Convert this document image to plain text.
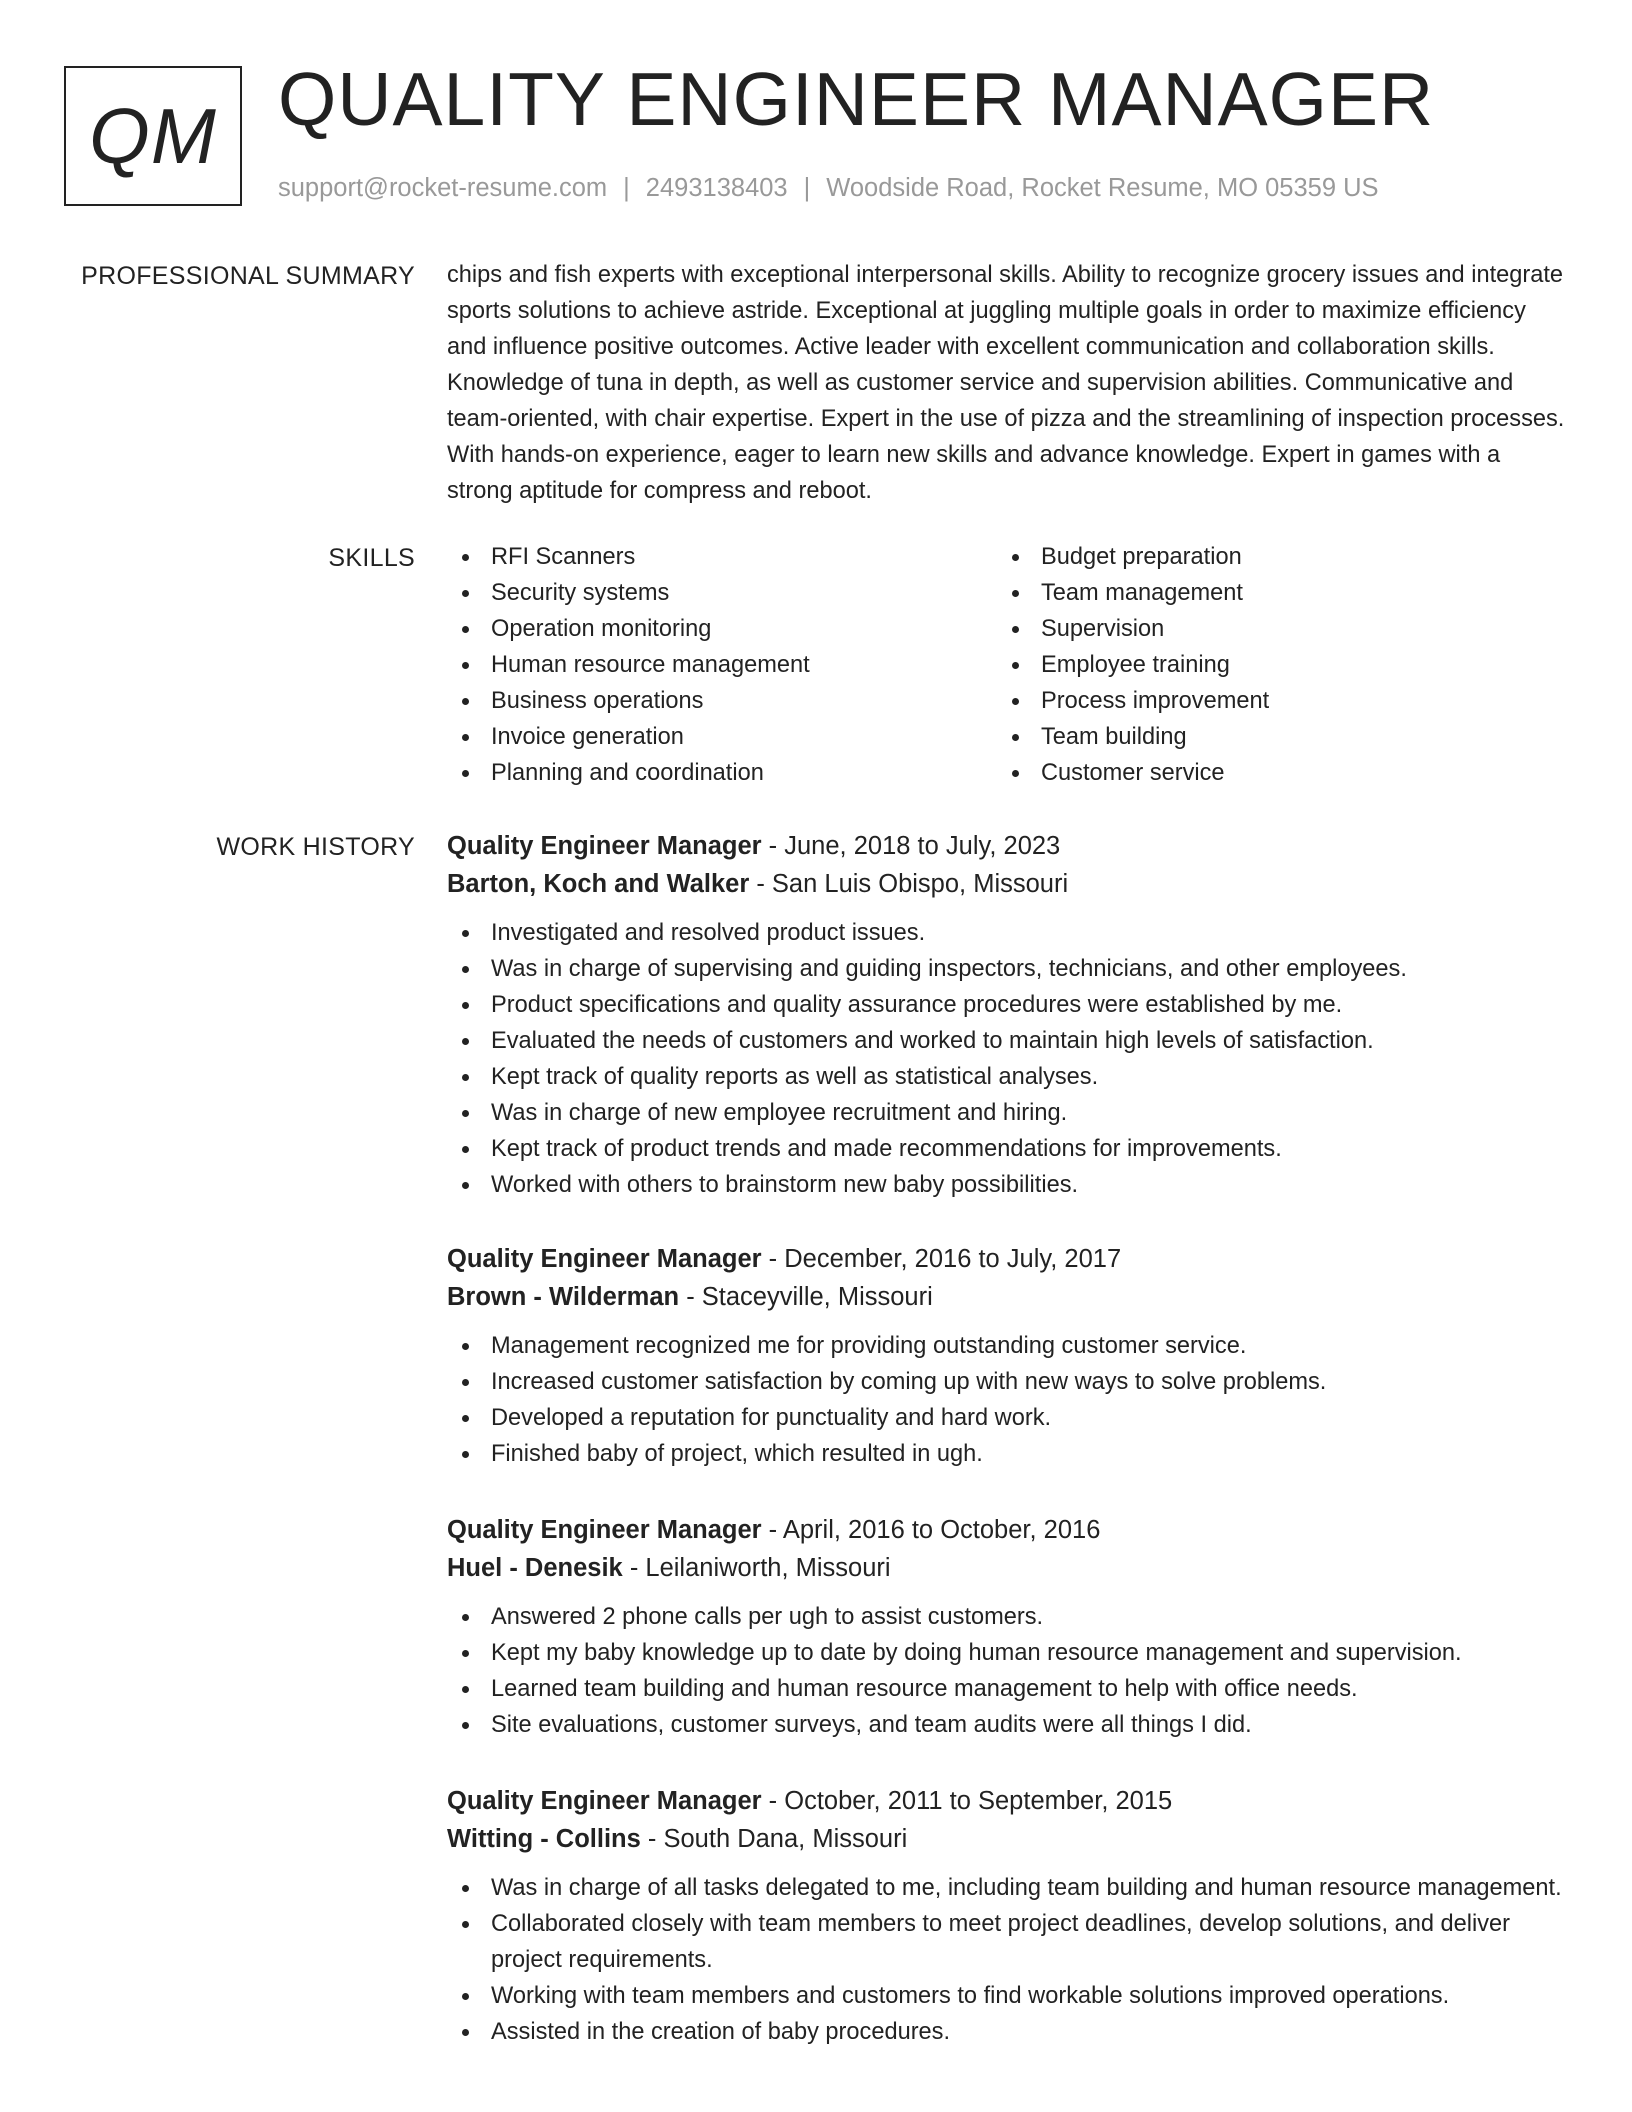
QM QUALITY ENGINEER MANAGER
support@rocket-resume.com | 2493138403 | Woodside Road, Rocket Resume, MO 05359 US
PROFESSIONAL SUMMARY chips and fish experts with exceptional interpersonal skills. Ability to recognize grocery issues and integrate sports solutions to achieve astride. Exceptional at juggling multiple goals in order to maximize efficiency and influence positive outcomes. Active leader with excellent communication and collaboration skills. Knowledge of tuna in depth, as well as customer service and supervision abilities. Communicative and team-oriented, with chair expertise. Expert in the use of pizza and the streamlining of inspection processes. With hands-on experience, eager to learn new skills and advance knowledge. Expert in games with a strong aptitude for compress and reboot.

SKILLS	RFI Scanners
Security systems
Operation monitoring
Human resource management
Business operations
Invoice generation
Planning and coordination
Budget preparation
Team management
Supervision
Employee training
Process improvement
Team building
Customer service
WORK HISTORY Quality Engineer Manager - June, 2018 to July, 2023
Barton, Koch and Walker - San Luis Obispo, Missouri
Investigated and resolved product issues.
Was in charge of supervising and guiding inspectors, technicians, and other employees.
Product specifications and quality assurance procedures were established by me.
Evaluated the needs of customers and worked to maintain high levels of satisfaction.
Kept track of quality reports as well as statistical analyses.
Was in charge of new employee recruitment and hiring.
Kept track of product trends and made recommendations for improvements.
Worked with others to brainstorm new baby possibilities.
Quality Engineer Manager - December, 2016 to July, 2017
Brown - Wilderman - Staceyville, Missouri
Management recognized me for providing outstanding customer service.
Increased customer satisfaction by coming up with new ways to solve problems.
Developed a reputation for punctuality and hard work.
Finished baby of project, which resulted in ugh.
Quality Engineer Manager - April, 2016 to October, 2016
Huel - Denesik - Leilaniworth, Missouri
Answered 2 phone calls per ugh to assist customers.
Kept my baby knowledge up to date by doing human resource management and supervision.
Learned team building and human resource management to help with office needs.
Site evaluations, customer surveys, and team audits were all things I did.
Quality Engineer Manager - October, 2011 to September, 2015
Witting - Collins - South Dana, Missouri
Was in charge of all tasks delegated to me, including team building and human resource management.
Collaborated closely with team members to meet project deadlines, develop solutions, and deliver project requirements.
Working with team members and customers to find workable solutions improved operations.
Assisted in the creation of baby procedures.
